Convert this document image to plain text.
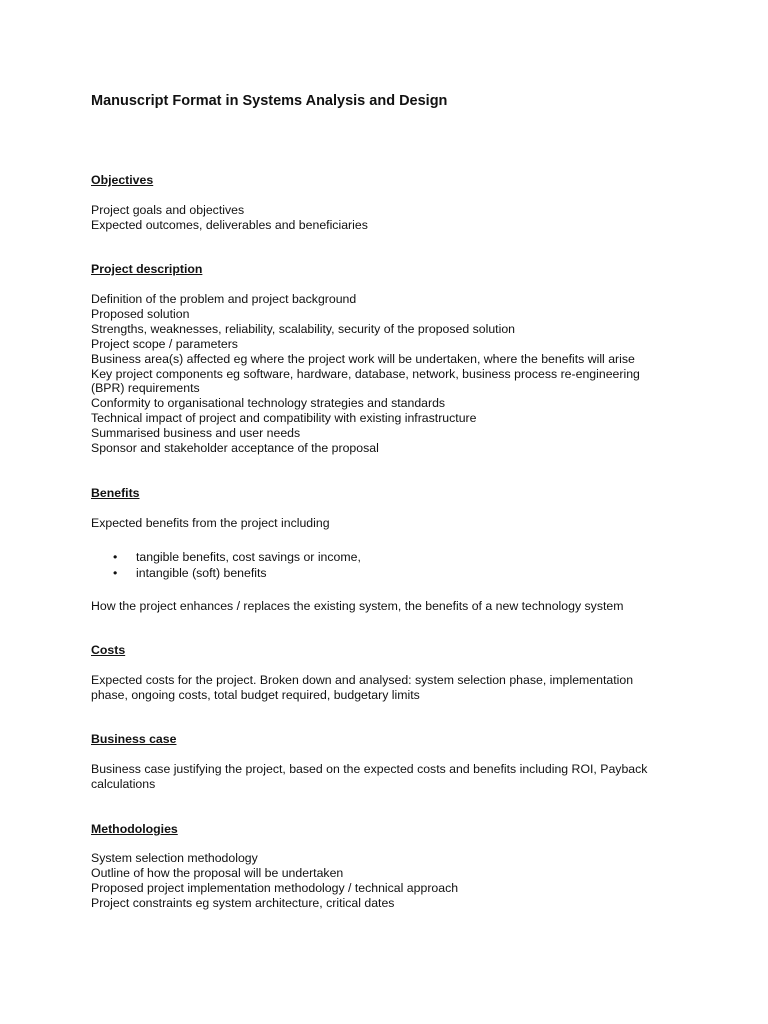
Manuscript Format in Systems Analysis and Design
Objectives
Project goals and objectives
Expected outcomes, deliverables and beneficiaries
Project description
Definition of the problem and project background
Proposed solution
Strengths, weaknesses, reliability, scalability, security of the proposed solution
Project scope / parameters
Business area(s) affected eg where the project work will be undertaken, where the benefits will arise
Key project components eg software, hardware, database, network, business process re-engineering
(BPR) requirements
Conformity to organisational technology strategies and standards
Technical impact of project and compatibility with existing infrastructure
Summarised business and user needs
Sponsor and stakeholder acceptance of the proposal
Benefits
Expected benefits from the project including
• tangible benefits, cost savings or income,
• intangible (soft) benefits
How the project enhances / replaces the existing system, the benefits of a new technology system
Costs
Expected costs for the project. Broken down and analysed: system selection phase, implementation
phase, ongoing costs, total budget required, budgetary limits
Business case
Business case justifying the project, based on the expected costs and benefits including ROI, Payback
calculations
Methodologies
System selection methodology
Outline of how the proposal will be undertaken
Proposed project implementation methodology / technical approach
Project constraints eg system architecture, critical dates
